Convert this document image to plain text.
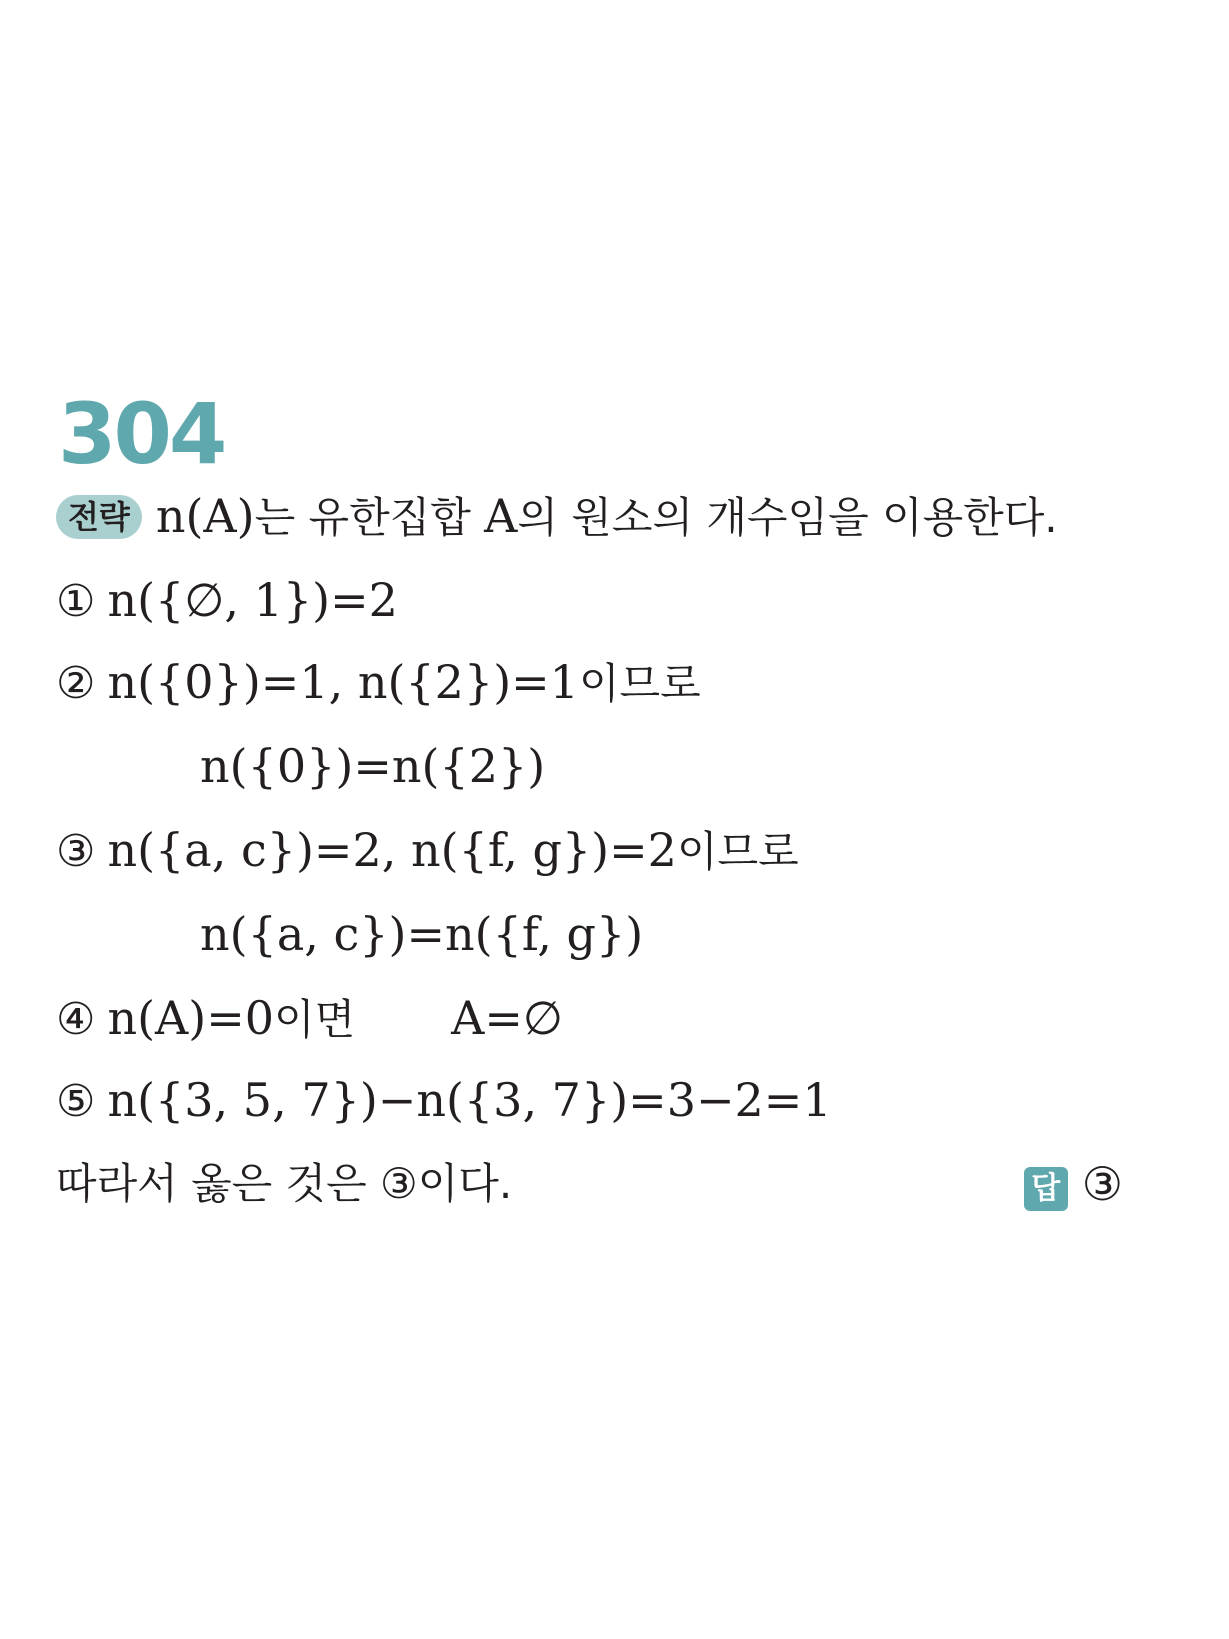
304
전략 n(A)는 유한집합 A의 원소의 개수임을 이용한다.
① n({∅, 1})=2
② n({0})=1, n({2})=1이므로
n({0})=n({2})
③ n({a, c})=2, n({f, g})=2이므로
n({a, c})=n({f, g})
④ n(A)=0이면 A=∅
⑤ n({3, 5, 7})−n({3, 7})=3−2=1
따라서 옳은 것은 ③이다.	답 ③
